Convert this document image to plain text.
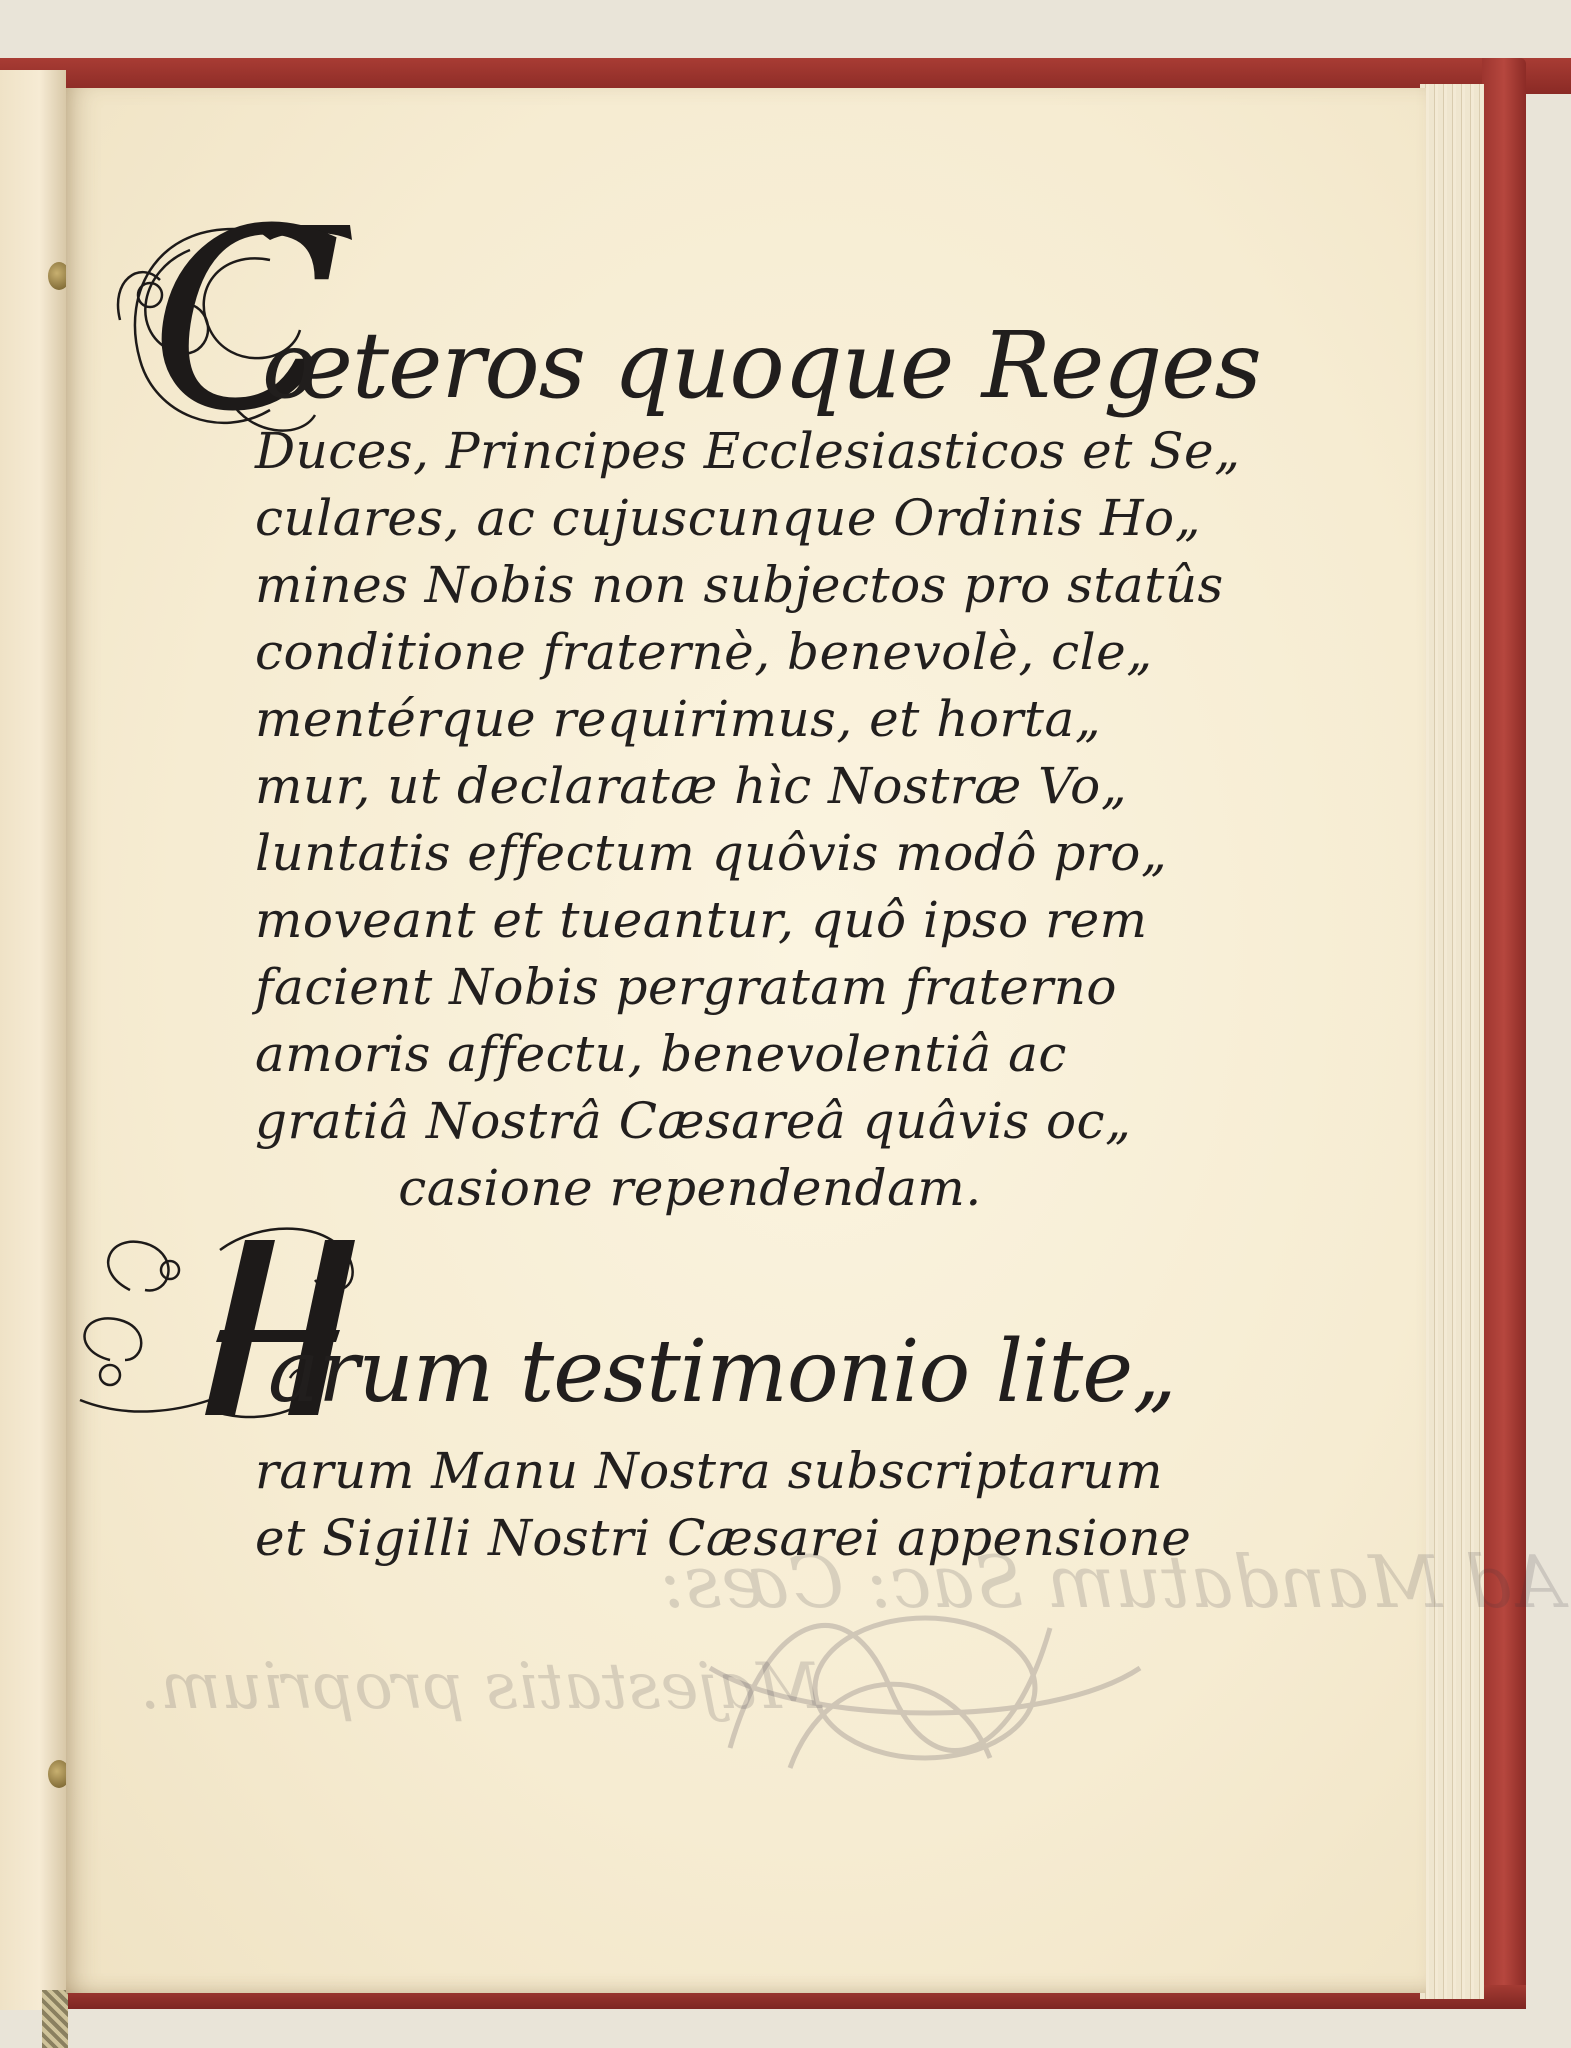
Ad Mandatum Sac: Cæs:
Majestatis proprium.
C
œteros quoque Reges
Duces, Principes Ecclesiasticos et Se„
culares, ac cujuscunque Ordinis Ho„
mines Nobis non subjectos pro statûs
conditione fraternè, benevolè, cle„
mentérque requirimus, et horta„
mur, ut declaratæ hìc Nostræ Vo„
luntatis effectum quôvis modô pro„
moveant et tueantur, quô ipso rem
facient Nobis pergratam fraterno
amoris affectu, benevolentiâ ac
gratiâ Nostrâ Cæsareâ quâvis oc„
casione rependendam.
arum testimonio lite„
rarum Manu Nostra subscriptarum
et Sigilli Nostri Cæsarei appensione
